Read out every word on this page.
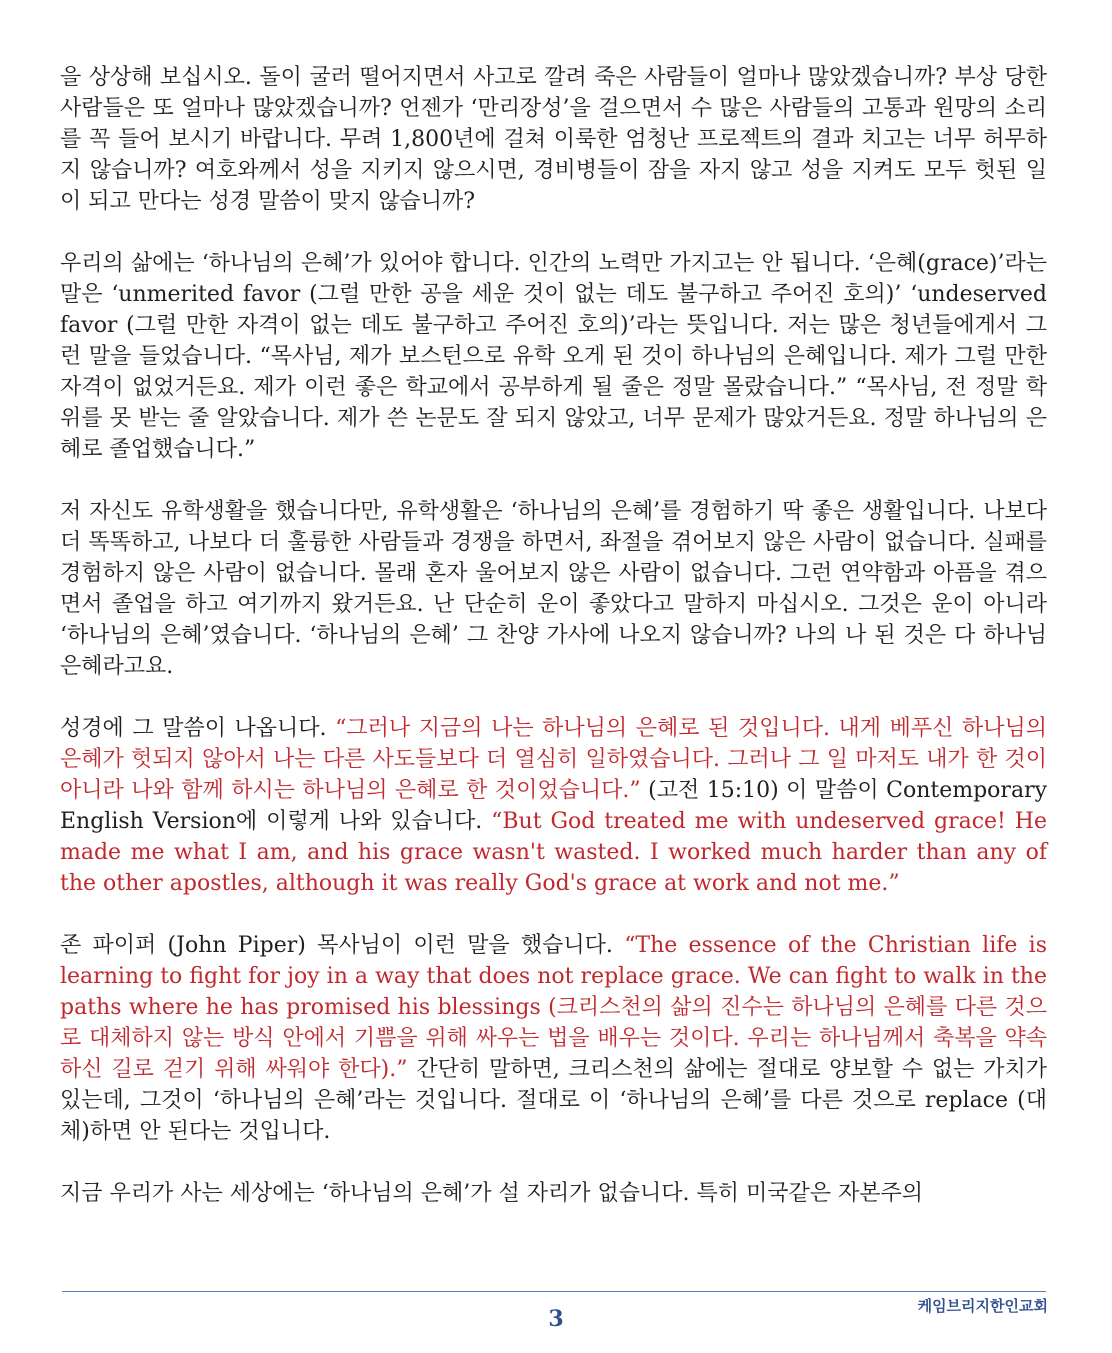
을 상상해 보십시오. 돌이 굴러 떨어지면서 사고로 깔려 죽은 사람들이 얼마나 많았겠습니까? 부상 당한 사람들은 또 얼마나 많았겠습니까? 언젠가 ‘만리장성’을 걸으면서 수 많은 사람들의 고통과 원망의 소리를 꼭 들어 보시기 바랍니다. 무려 1,800년에 걸쳐 이룩한 엄청난 프로젝트의 결과 치고는 너무 허무하지 않습니까? 여호와께서 성을 지키지 않으시면, 경비병들이 잠을 자지 않고 성을 지켜도 모두 헛된 일이 되고 만다는 성경 말씀이 맞지 않습니까?

우리의 삶에는 ‘하나님의 은혜’가 있어야 합니다. 인간의 노력만 가지고는 안 됩니다. ‘은혜(grace)’라는 말은 ‘unmerited favor (그럴 만한 공을 세운 것이 없는 데도 불구하고 주어진 호의)’ ‘undeserved favor (그럴 만한 자격이 없는 데도 불구하고 주어진 호의)’라는 뜻입니다. 저는 많은 청년들에게서 그런 말을 들었습니다. “목사님, 제가 보스턴으로 유학 오게 된 것이 하나님의 은혜입니다. 제가 그럴 만한 자격이 없었거든요. 제가 이런 좋은 학교에서 공부하게 될 줄은 정말 몰랐습니다.” “목사님, 전 정말 학위를 못 받는 줄 알았습니다. 제가 쓴 논문도 잘 되지 않았고, 너무 문제가 많았거든요. 정말 하나님의 은혜로 졸업했습니다.”

저 자신도 유학생활을 했습니다만, 유학생활은 ‘하나님의 은혜’를 경험하기 딱 좋은 생활입니다. 나보다 더 똑똑하고, 나보다 더 훌륭한 사람들과 경쟁을 하면서, 좌절을 겪어보지 않은 사람이 없습니다. 실패를 경험하지 않은 사람이 없습니다. 몰래 혼자 울어보지 않은 사람이 없습니다. 그런 연약함과 아픔을 겪으면서 졸업을 하고 여기까지 왔거든요. 난 단순히 운이 좋았다고 말하지 마십시오. 그것은 운이 아니라 ‘하나님의 은혜’였습니다. ‘하나님의 은혜’ 그 찬양 가사에 나오지 않습니까? 나의 나 된 것은 다 하나님 은혜라고요.

성경에 그 말씀이 나옵니다. “그러나 지금의 나는 하나님의 은혜로 된 것입니다. 내게 베푸신 하나님의 은혜가 헛되지 않아서 나는 다른 사도들보다 더 열심히 일하였습니다. 그러나 그 일 마저도 내가 한 것이 아니라 나와 함께 하시는 하나님의 은혜로 한 것이었습니다.” (고전 15:10) 이 말씀이 Contemporary English Version에 이렇게 나와 있습니다. “But God treated me with undeserved grace! He made me what I am, and his grace wasn't wasted. I worked much harder than any of the other apostles, although it was really God's grace at work and not me.”

존 파이퍼 (John Piper) 목사님이 이런 말을 했습니다. “The essence of the Christian life is learning to fight for joy in a way that does not replace grace. We can fight to walk in the paths where he has promised his blessings (크리스천의 삶의 진수는 하나님의 은혜를 다른 것으로 대체하지 않는 방식 안에서 기쁨을 위해 싸우는 법을 배우는 것이다. 우리는 하나님께서 축복을 약속하신 길로 걷기 위해 싸워야 한다).” 간단히 말하면, 크리스천의 삶에는 절대로 양보할 수 없는 가치가 있는데, 그것이 ‘하나님의 은혜’라는 것입니다. 절대로 이 ‘하나님의 은혜’를 다른 것으로 replace (대체)하면 안 된다는 것입니다.

지금 우리가 사는 세상에는 ‘하나님의 은혜’가 설 자리가 없습니다. 특히 미국같은 자본주의

케임브리지한인교회
3
